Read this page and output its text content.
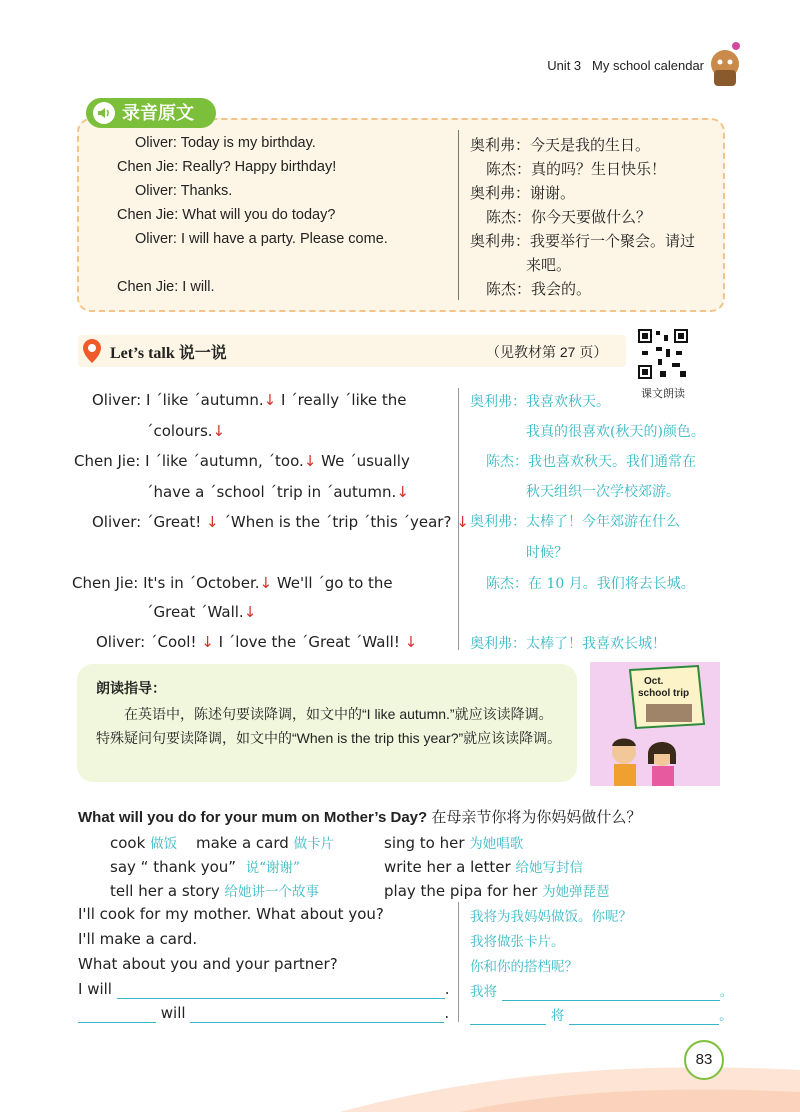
Unit 3 My school calendar
录音原文
Oliver: Today is my birthday.
Chen Jie: Really? Happy birthday!
Oliver: Thanks.
Chen Jie: What will you do today?
Oliver: I will have a party. Please come.
Chen Jie: I will.
奥利弗：今天是我的生日。
陈杰：真的吗？生日快乐！
奥利弗：谢谢。
陈杰：你今天要做什么？
奥利弗：我要举行一个聚会。请过
来吧。
陈杰：我会的。
Let’s talk 说一说	（见教材第 27 页）
课文朗读
Oliver: I ˊlike ˊautumn.↓ I ˊreally ˊlike the
ˊcolours.↓
Chen Jie: I ˊlike ˊautumn, ˊtoo.↓ We ˊusually
ˊhave a ˊschool ˊtrip in ˊautumn.↓
Oliver: ˊGreat! ↓ ˊWhen is the ˊtrip ˊthis ˊyear? ↓
Chen Jie: It's in ˊOctober.↓ We'll ˊgo to the
ˊGreat ˊWall.↓
Oliver: ˊCool! ↓ I ˊlove the ˊGreat ˊWall! ↓
奥利弗：我喜欢秋天。
我真的很喜欢(秋天的)颜色。
陈杰：我也喜欢秋天。我们通常在
秋天组织一次学校郊游。
奥利弗：太棒了！今年郊游在什么
时候？
陈杰：在 10 月。我们将去长城。
奥利弗：太棒了！我喜欢长城！
朗读指导：
在英语中，陈述句要读降调，如文中的“I like autumn.”就应该读降调。特殊疑问句要读降调，如文中的“When is the trip this year?”就应该读降调。
Oct.
school trip
What will you do for your mum on Mother’s Day? 在母亲节你将为你妈妈做什么？
cook 做饭 make a card 做卡片	sing to her 为她唱歌
say “ thank you” 说“谢谢”	write her a letter 给她写封信
tell her a story 给她讲一个故事	play the pipa for her 为她弹琵琶
I'll cook for my mother. What about you?
I'll make a card.
What about you and your partner?
I will	.
will	.
我将为我妈妈做饭。你呢？
我将做张卡片。
你和你的搭档呢？
我将	。
将	。
83
